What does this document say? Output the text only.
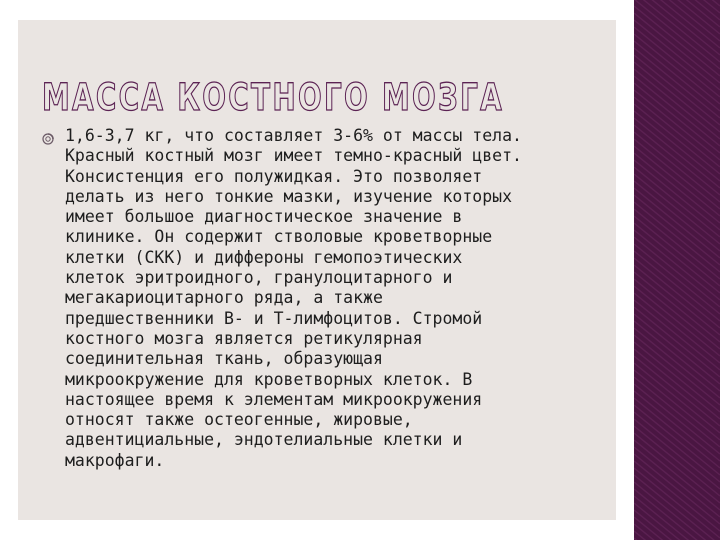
МАССА КОСТНОГО МОЗГА

1,6-3,7 кг, что составляет 3-6% от массы тела.
Красный костный мозг имеет темно-красный цвет.
Консистенция его полужидкая. Это позволяет
делать из него тонкие мазки, изучение которых
имеет большое диагностическое значение в
клинике. Он содержит стволовые кроветворные
клетки (СКК) и диффероны гемопоэтических
клеток эритроидного, гранулоцитарного и
мегакариоцитарного ряда, а также
предшественники В- и Т-лимфоцитов. Стромой
костного мозга является ретикулярная
соединительная ткань, образующая
микроокружение для кроветворных клеток. В
настоящее время к элементам микроокружения
относят также остеогенные, жировые,
адвентициальные, эндотелиальные клетки и
макрофаги.
